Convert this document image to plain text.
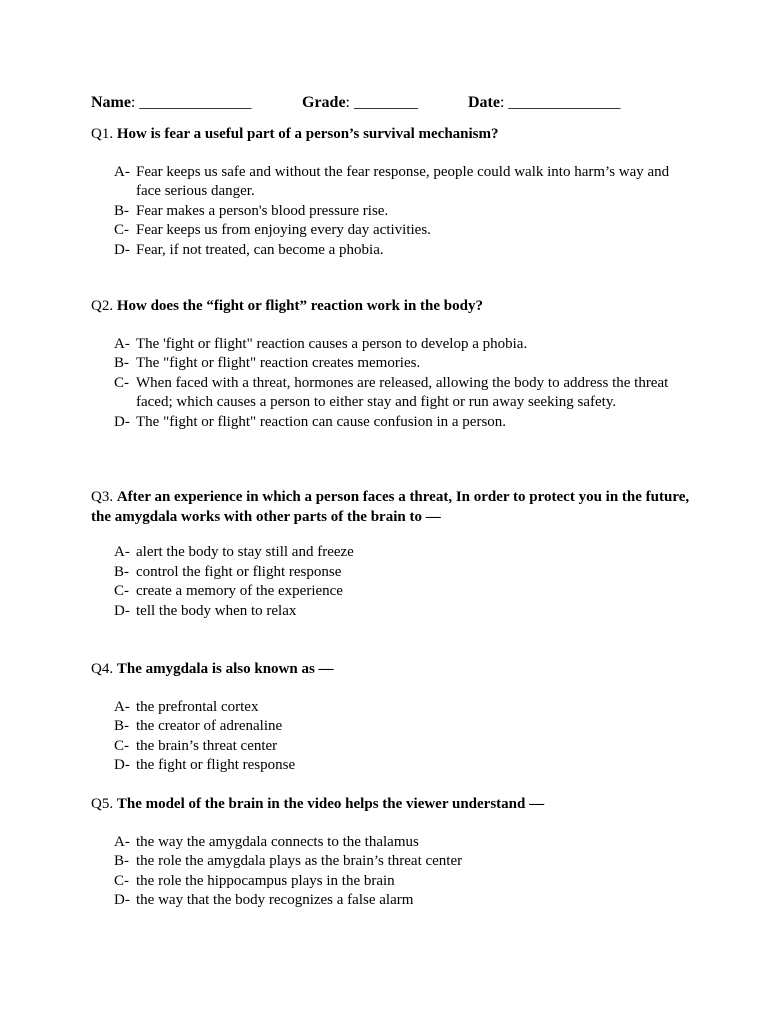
Name: ______________	Grade: ________	Date: ______________

Q1. How is fear a useful part of a person’s survival mechanism?

A- Fear keeps us safe and without the fear response, people could walk into harm’s way and face serious danger.
B- Fear makes a person's blood pressure rise.
C- Fear keeps us from enjoying every day activities.
D- Fear, if not treated, can become a phobia.

Q2. How does the “fight or flight” reaction work in the body?

A- The 'fight or flight" reaction causes a person to develop a phobia.
B- The "fight or flight" reaction creates memories.
C- When faced with a threat, hormones are released, allowing the body to address the threat faced; which causes a person to either stay and fight or run away seeking safety.
D- The "fight or flight" reaction can cause confusion in a person.

Q3. After an experience in which a person faces a threat, In order to protect you in the future, the amygdala works with other parts of the brain to —

A- alert the body to stay still and freeze
B- control the fight or flight response
C- create a memory of the experience
D- tell the body when to relax

Q4. The amygdala is also known as —

A- the prefrontal cortex
B- the creator of adrenaline
C- the brain’s threat center
D- the fight or flight response

Q5. The model of the brain in the video helps the viewer understand —

A- the way the amygdala connects to the thalamus
B- the role the amygdala plays as the brain’s threat center
C- the role the hippocampus plays in the brain
D- the way that the body recognizes a false alarm
